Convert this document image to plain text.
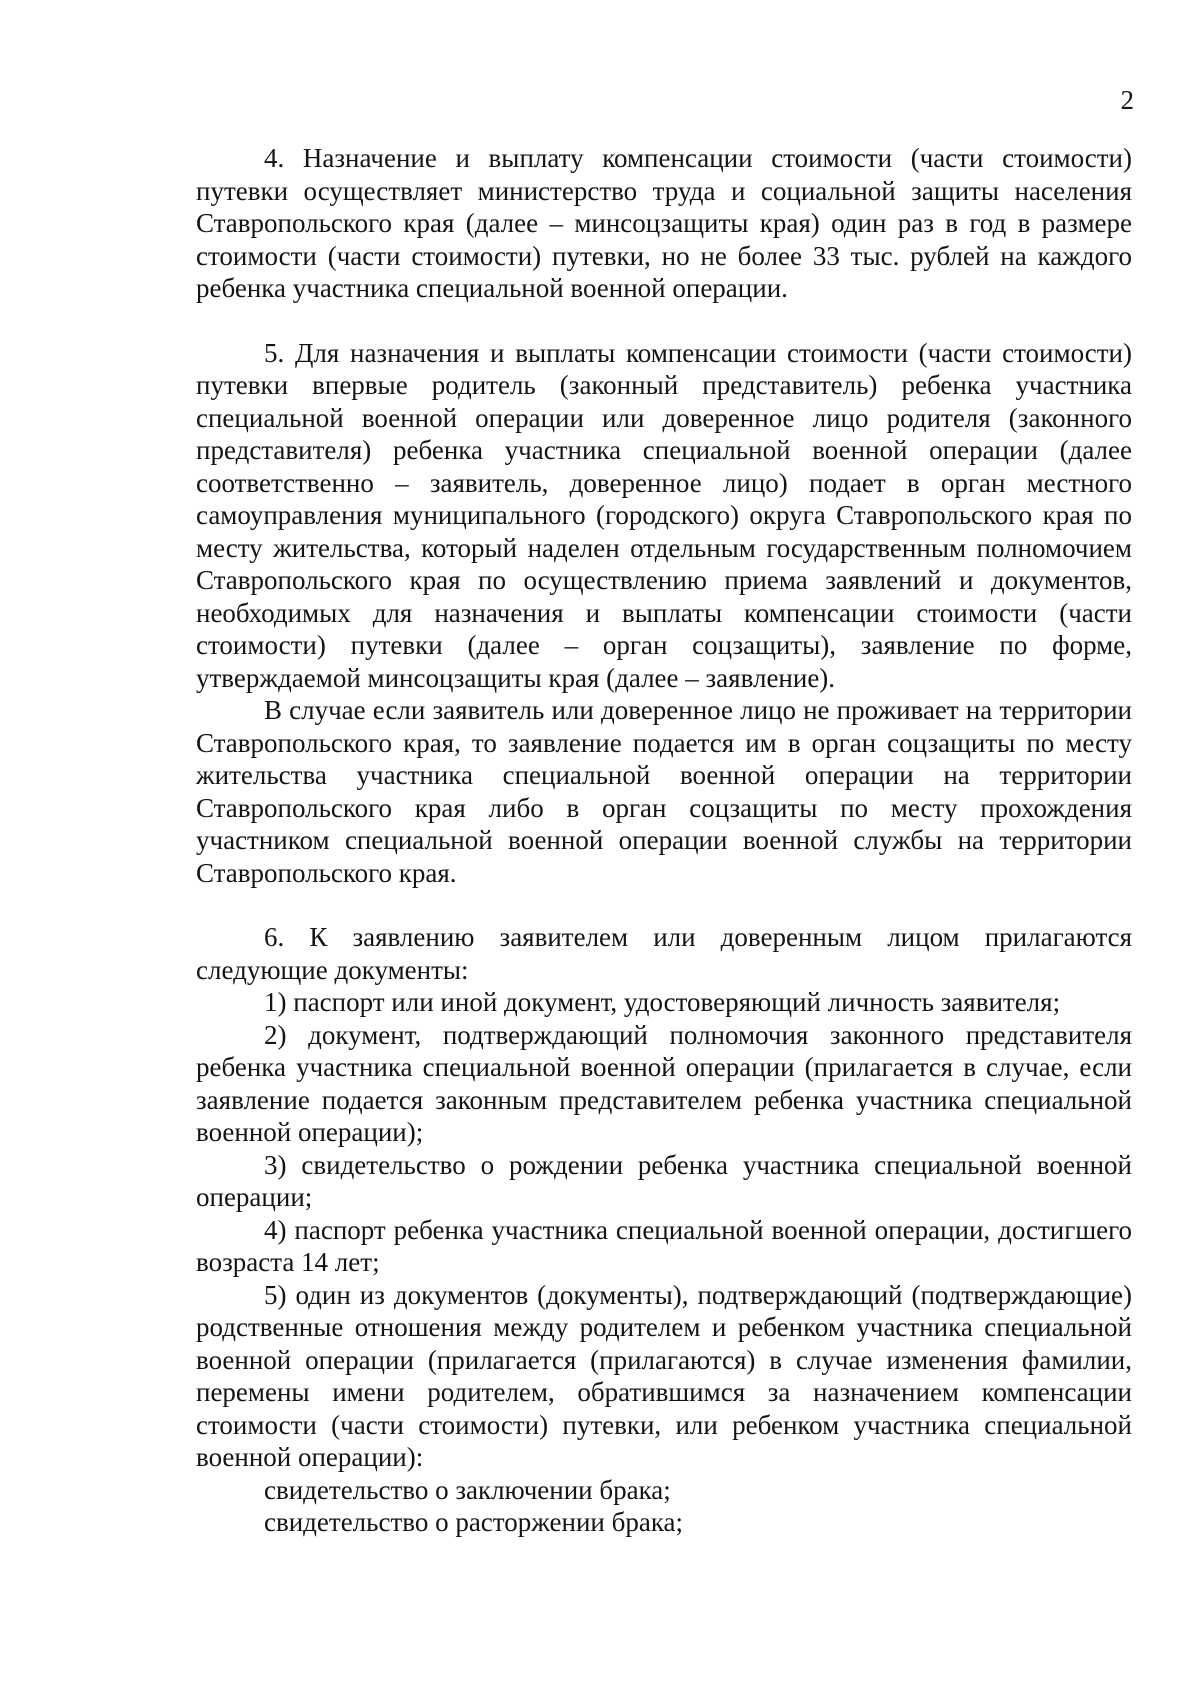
2

4. Назначение и выплату компенсации стоимости (части стоимости) путевки осуществляет министерство труда и социальной защиты населения Ставропольского края (далее – минсоцзащиты края) один раз в год в размере стоимости (части стоимости) путевки, но не более 33 тыс. рублей на каждого ребенка участника специальной военной операции.

5. Для назначения и выплаты компенсации стоимости (части стоимости) путевки впервые родитель (законный представитель) ребенка участника специальной военной операции или доверенное лицо родителя (законного представителя) ребенка участника специальной военной операции (далее соответственно – заявитель, доверенное лицо) подает в орган местного самоуправления муниципального (городского) округа Ставропольского края по месту жительства, который наделен отдельным государственным полномочием Ставропольского края по осуществлению приема заявлений и документов, необходимых для назначения и выплаты компенсации стоимости (части стоимости) путевки (далее – орган соцзащиты), заявление по форме, утверждаемой минсоцзащиты края (далее – заявление).

В случае если заявитель или доверенное лицо не проживает на территории Ставропольского края, то заявление подается им в орган соцзащиты по месту жительства участника специальной военной операции на территории Ставропольского края либо в орган соцзащиты по месту прохождения участником специальной военной операции военной службы на территории Ставропольского края.

6. К заявлению заявителем или доверенным лицом прилагаются следующие документы:

1) паспорт или иной документ, удостоверяющий личность заявителя;

2) документ, подтверждающий полномочия законного представителя ребенка участника специальной военной операции (прилагается в случае, если заявление подается законным представителем ребенка участника специальной военной операции);

3) свидетельство о рождении ребенка участника специальной военной операции;

4) паспорт ребенка участника специальной военной операции, достигшего возраста 14 лет;

5) один из документов (документы), подтверждающий (подтверждающие) родственные отношения между родителем и ребенком участника специальной военной операции (прилагается (прилагаются) в случае изменения фамилии, перемены имени родителем, обратившимся за назначением компенсации стоимости (части стоимости) путевки, или ребенком участника специальной военной операции):

свидетельство о заключении брака;

свидетельство о расторжении брака;
